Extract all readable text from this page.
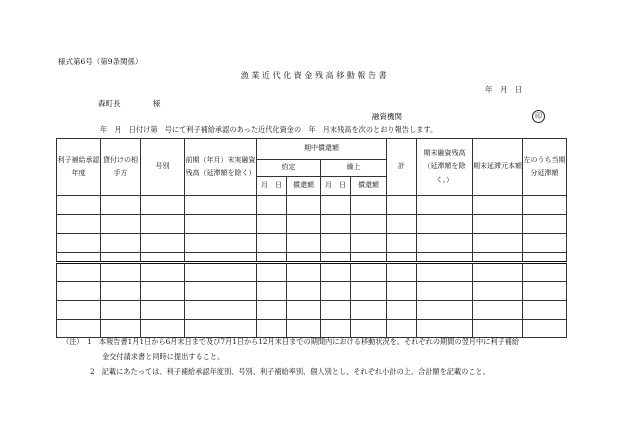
様式第6号（第9条関係）
漁業近代化資金残高移動報告書
年　月　日
森町長 様
融資機関	印
年　月　日付け第　号にて利子補給承認のあった近代化資金の　年　月末残高を次のとおり報告します。
利子補給承認年度	貸付けの相手方	号別	前期（年月）末実融資残高（延滞額を除く）	期中償還額				計	期末融資残高（延滞額を除く。）	期末延滞元本額	左のうち当期分延滞額
				約定		繰上					
				月　 日	償還額	月　 日	償還額				

（注）　 1　本報告書1月1日から6月末日まで及び7月1日から12月末日までの期間内における移動状況を、それぞれの期間の翌月中に利子補給
金交付請求書と同時に提出すること。
2　記載にあたっては、利子補給承認年度別、号別、利子補給率別、個人別とし、それぞれ小計の上、合計額を記載のこと。
